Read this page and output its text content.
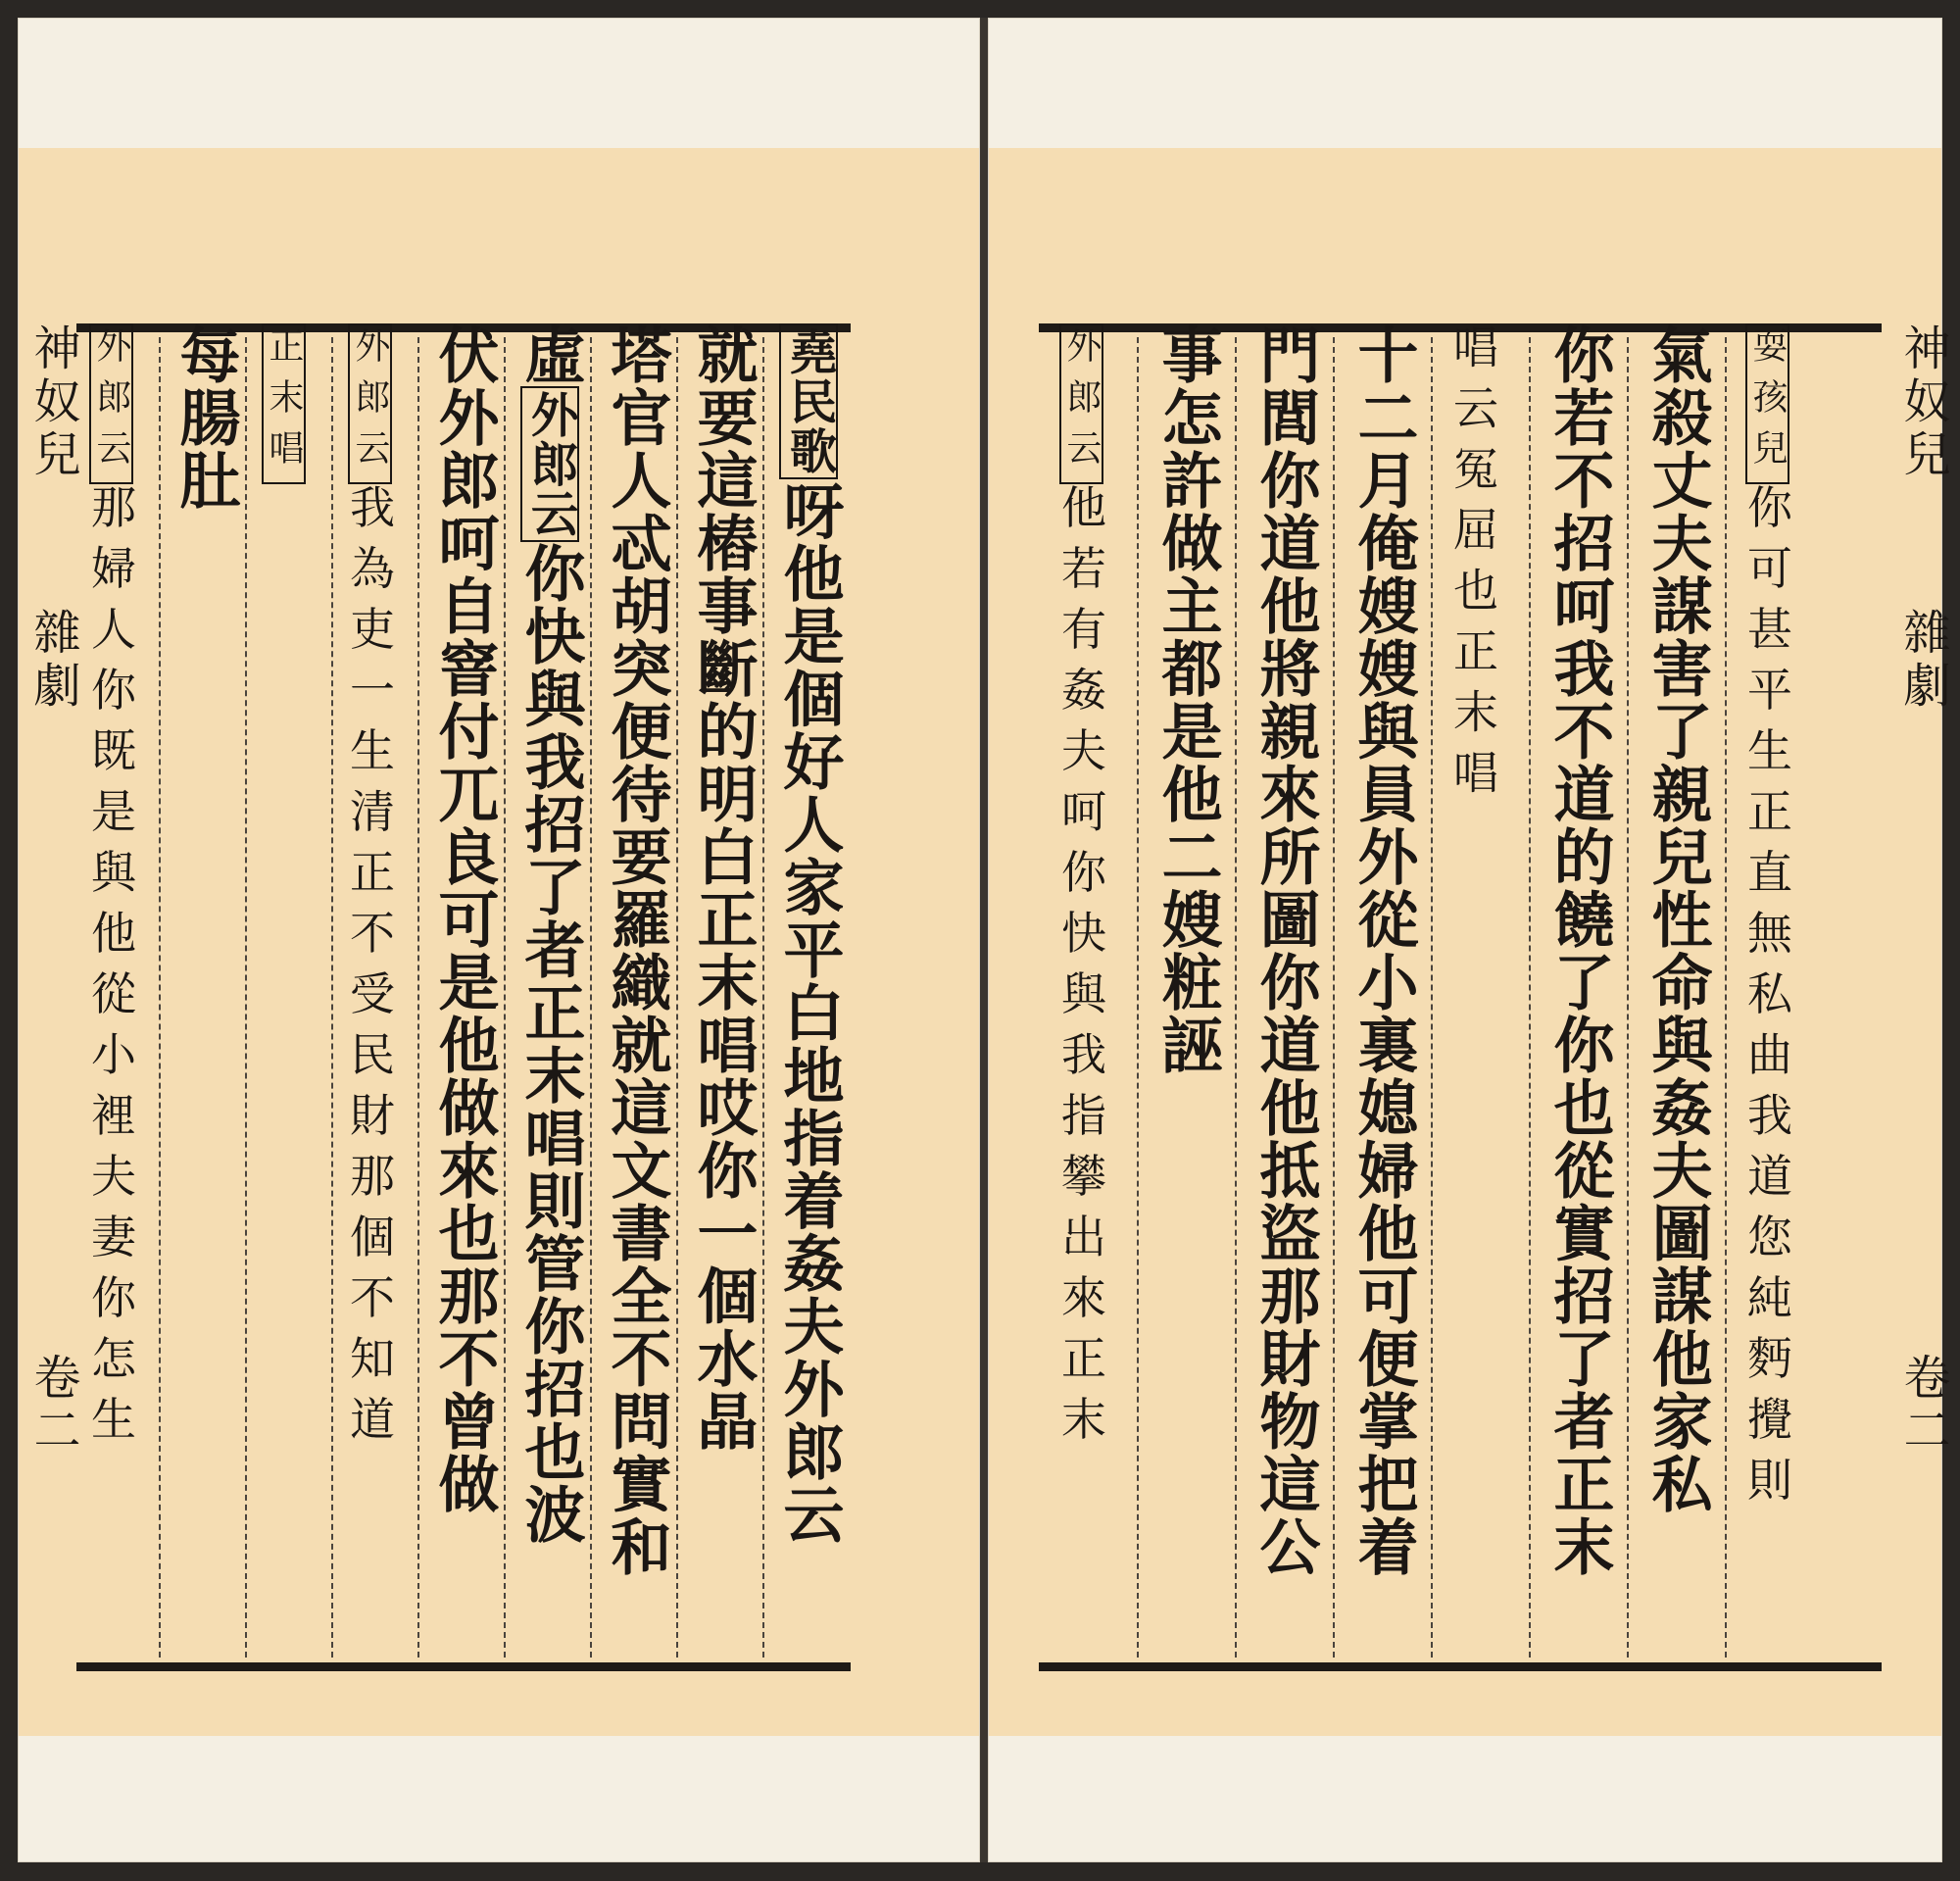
外郎云那婦人你既是與他從小裡夫妻你怎生
每腸肚 正末唱 外郎云我為吏一生清正不受民財那個不知道 伏外郎呵自窨付兀良可是他做來也那不曾做 虛外郎云你快與我招了者正末唱則管你招也波 塔官人忒胡突便待要羅織就這文書全不問實和 就要這樁事斷的明白正末唱哎你一個水晶 堯民歌呀他是個好人家平白地指着姦夫外郎云
神奴兒
雜劇
卷二
耍孩兒你可甚平生正直無私曲我道您純麪攪則
氣殺丈夫謀害了親兒性命與姦夫圖謀他家私
你若不招呵我不道的饒了你也從實招了者正末
唱云冤屈也正末唱
十二月俺嫂嫂與員外從小裏媳婦他可便掌把着
門閭你道他將親來所圖你道他抵盜那財物這公
事怎許做主都是他二嫂粧誣
外郎云他若有姦夫呵你快與我指攀出來正末
神奴兒
雜劇
卷二
